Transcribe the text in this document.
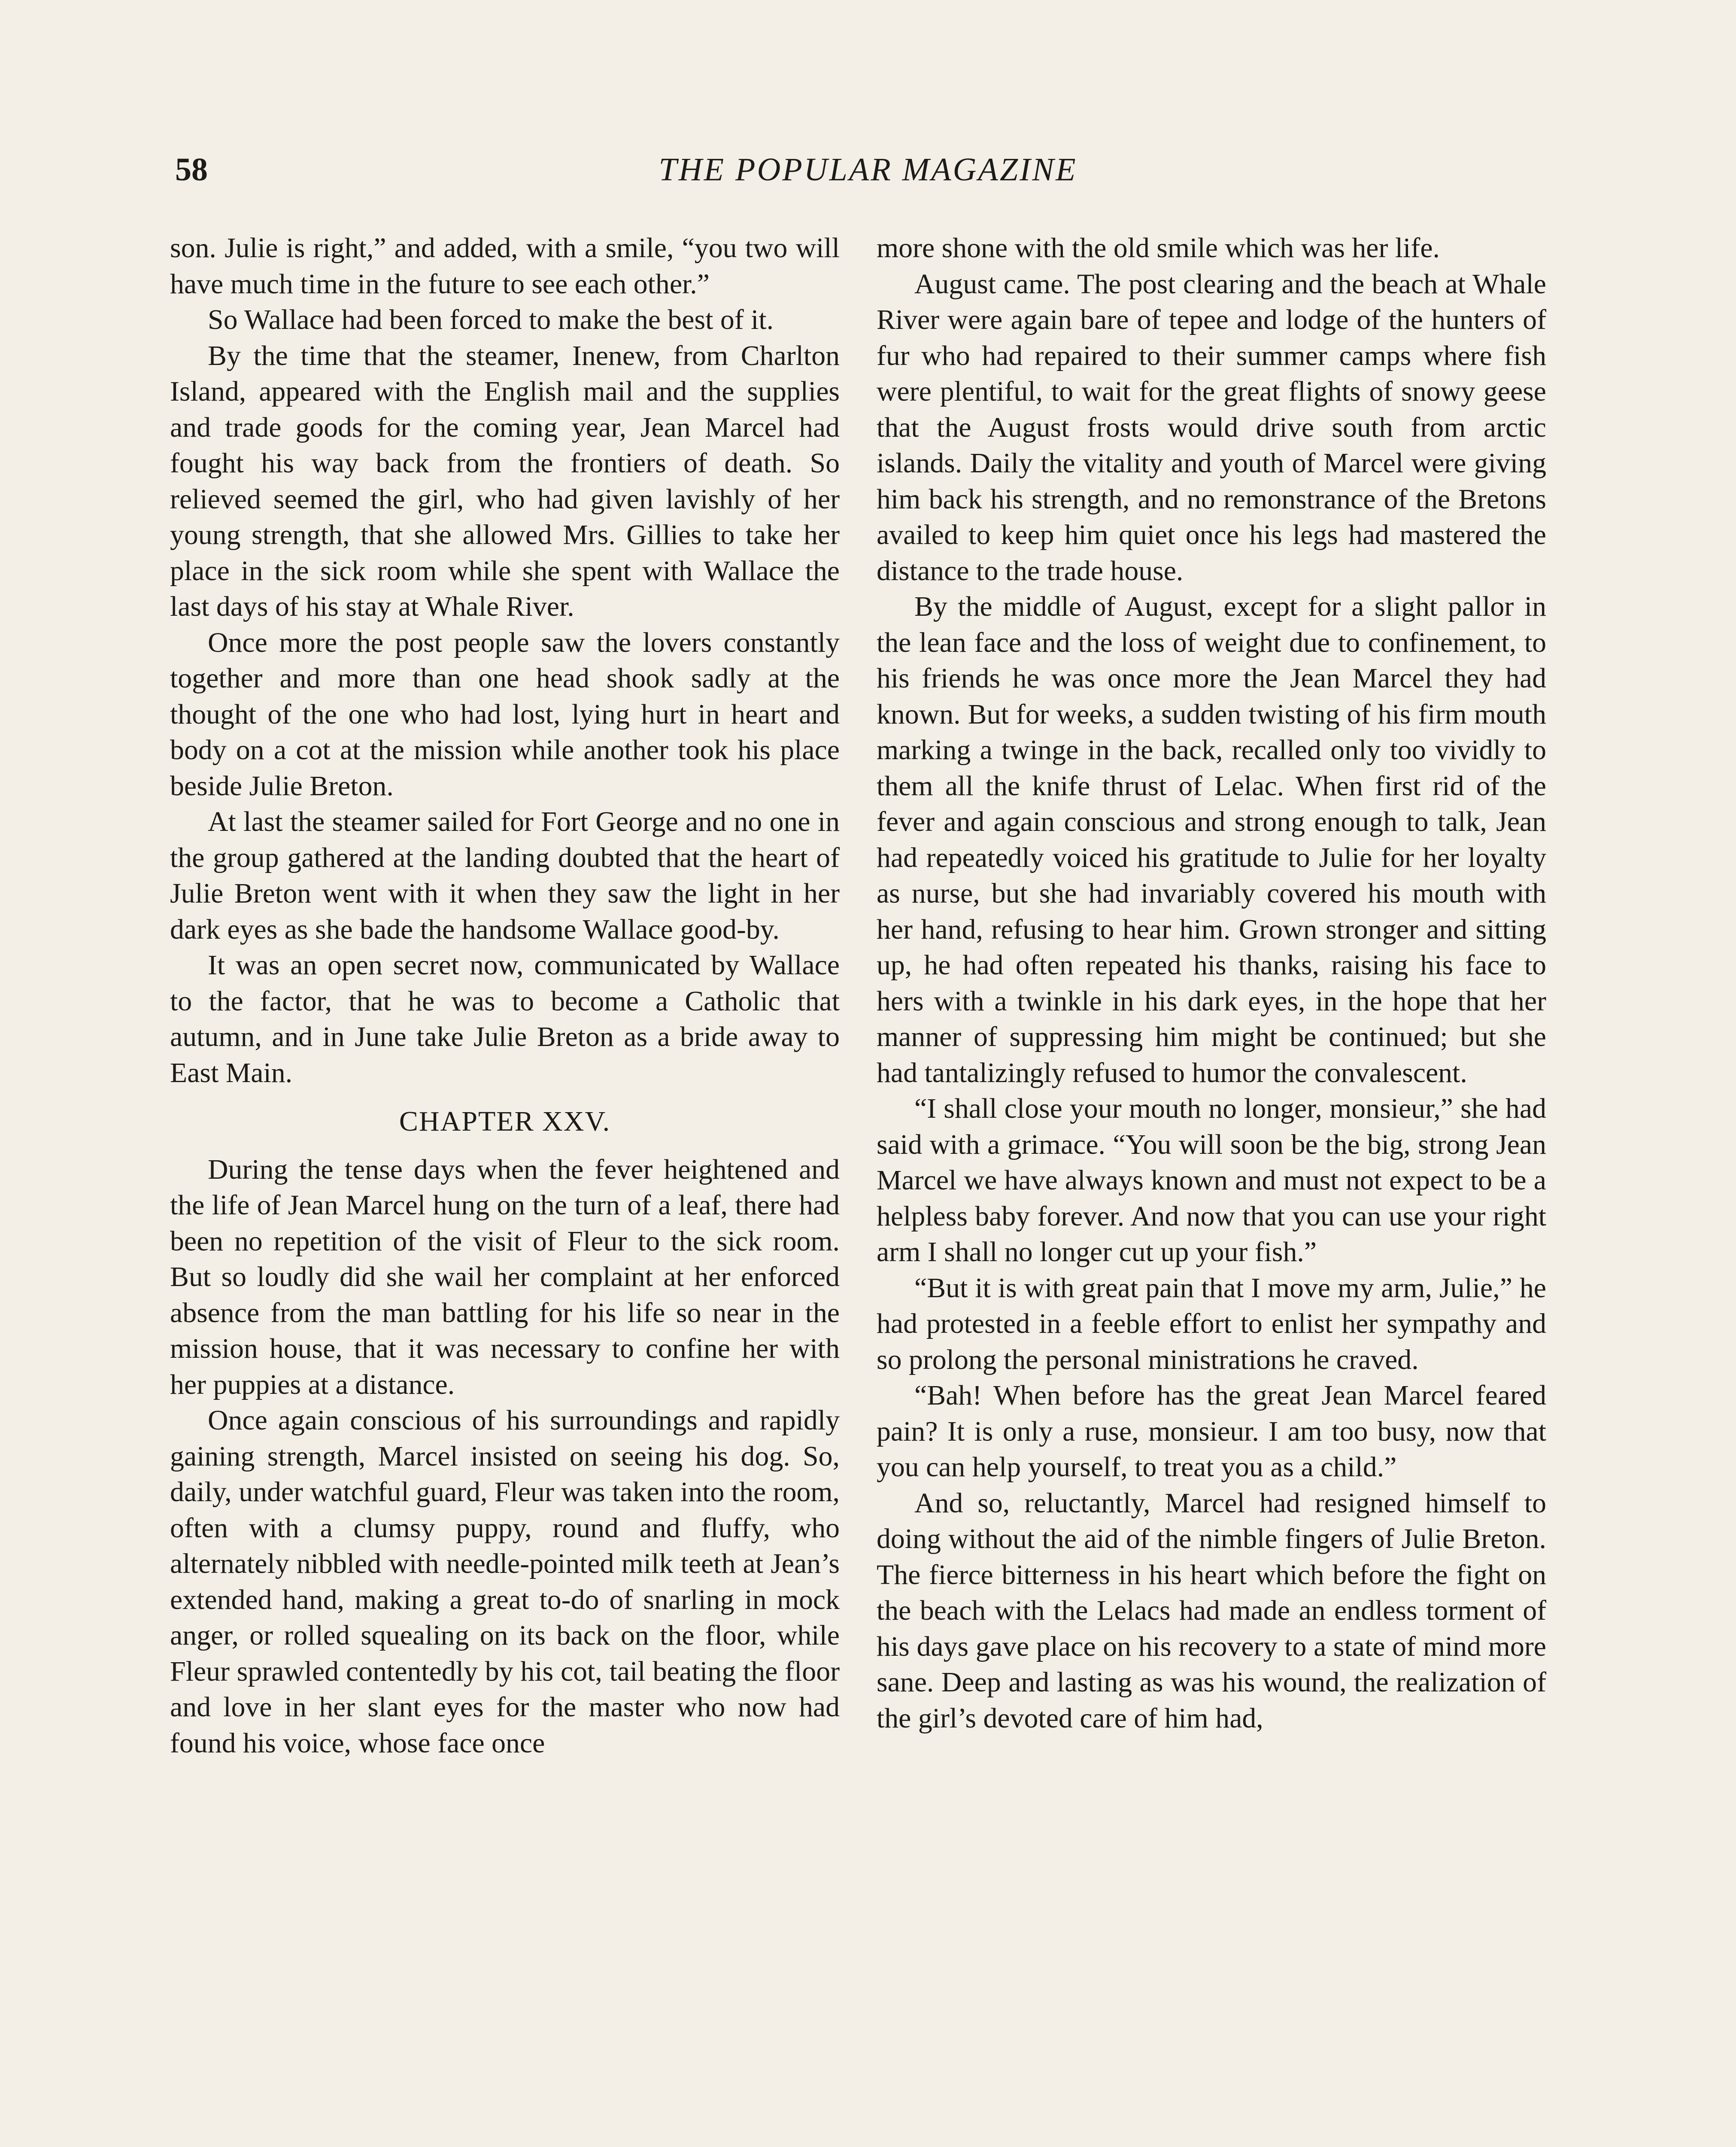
58	THE POPULAR MAGAZINE

son. Julie is right,” and added, with a smile, “you two will have much time in the future to see each other.”

So Wallace had been forced to make the best of it.

By the time that the steamer, Inenew, from Charlton Island, appeared with the English mail and the supplies and trade goods for the coming year, Jean Marcel had fought his way back from the frontiers of death. So relieved seemed the girl, who had given lavishly of her young strength, that she allowed Mrs. Gillies to take her place in the sick room while she spent with Wallace the last days of his stay at Whale River.

Once more the post people saw the lovers constantly together and more than one head shook sadly at the thought of the one who had lost, lying hurt in heart and body on a cot at the mission while another took his place beside Julie Breton.

At last the steamer sailed for Fort George and no one in the group gathered at the landing doubted that the heart of Julie Breton went with it when they saw the light in her dark eyes as she bade the handsome Wallace good-by.

It was an open secret now, communicated by Wallace to the factor, that he was to become a Catholic that autumn, and in June take Julie Breton as a bride away to East Main.

CHAPTER XXV.

During the tense days when the fever heightened and the life of Jean Marcel hung on the turn of a leaf, there had been no repetition of the visit of Fleur to the sick room. But so loudly did she wail her complaint at her enforced absence from the man battling for his life so near in the mission house, that it was necessary to confine her with her puppies at a distance.

Once again conscious of his surroundings and rapidly gaining strength, Marcel insisted on seeing his dog. So, daily, under watchful guard, Fleur was taken into the room, often with a clumsy puppy, round and fluffy, who alternately nibbled with needle-pointed milk teeth at Jean’s extended hand, making a great to-do of snarling in mock anger, or rolled squealing on its back on the floor, while Fleur sprawled contentedly by his cot, tail beating the floor and love in her slant eyes for the master who now had found his voice, whose face once

more shone with the old smile which was her life.

August came. The post clearing and the beach at Whale River were again bare of tepee and lodge of the hunters of fur who had repaired to their summer camps where fish were plentiful, to wait for the great flights of snowy geese that the August frosts would drive south from arctic islands. Daily the vitality and youth of Marcel were giving him back his strength, and no remonstrance of the Bretons availed to keep him quiet once his legs had mastered the distance to the trade house.

By the middle of August, except for a slight pallor in the lean face and the loss of weight due to confinement, to his friends he was once more the Jean Marcel they had known. But for weeks, a sudden twisting of his firm mouth marking a twinge in the back, recalled only too vividly to them all the knife thrust of Lelac. When first rid of the fever and again conscious and strong enough to talk, Jean had repeatedly voiced his gratitude to Julie for her loyalty as nurse, but she had invariably covered his mouth with her hand, refusing to hear him. Grown stronger and sitting up, he had often repeated his thanks, raising his face to hers with a twinkle in his dark eyes, in the hope that her manner of suppressing him might be continued; but she had tantalizingly refused to humor the convalescent.

“I shall close your mouth no longer, monsieur,” she had said with a grimace. “You will soon be the big, strong Jean Marcel we have always known and must not expect to be a helpless baby forever. And now that you can use your right arm I shall no longer cut up your fish.”

“But it is with great pain that I move my arm, Julie,” he had protested in a feeble effort to enlist her sympathy and so prolong the personal ministrations he craved.

“Bah! When before has the great Jean Marcel feared pain? It is only a ruse, monsieur. I am too busy, now that you can help yourself, to treat you as a child.”

And so, reluctantly, Marcel had resigned himself to doing without the aid of the nimble fingers of Julie Breton. The fierce bitterness in his heart which before the fight on the beach with the Lelacs had made an endless torment of his days gave place on his recovery to a state of mind more sane. Deep and lasting as was his wound, the realization of the girl’s devoted care of him had,
